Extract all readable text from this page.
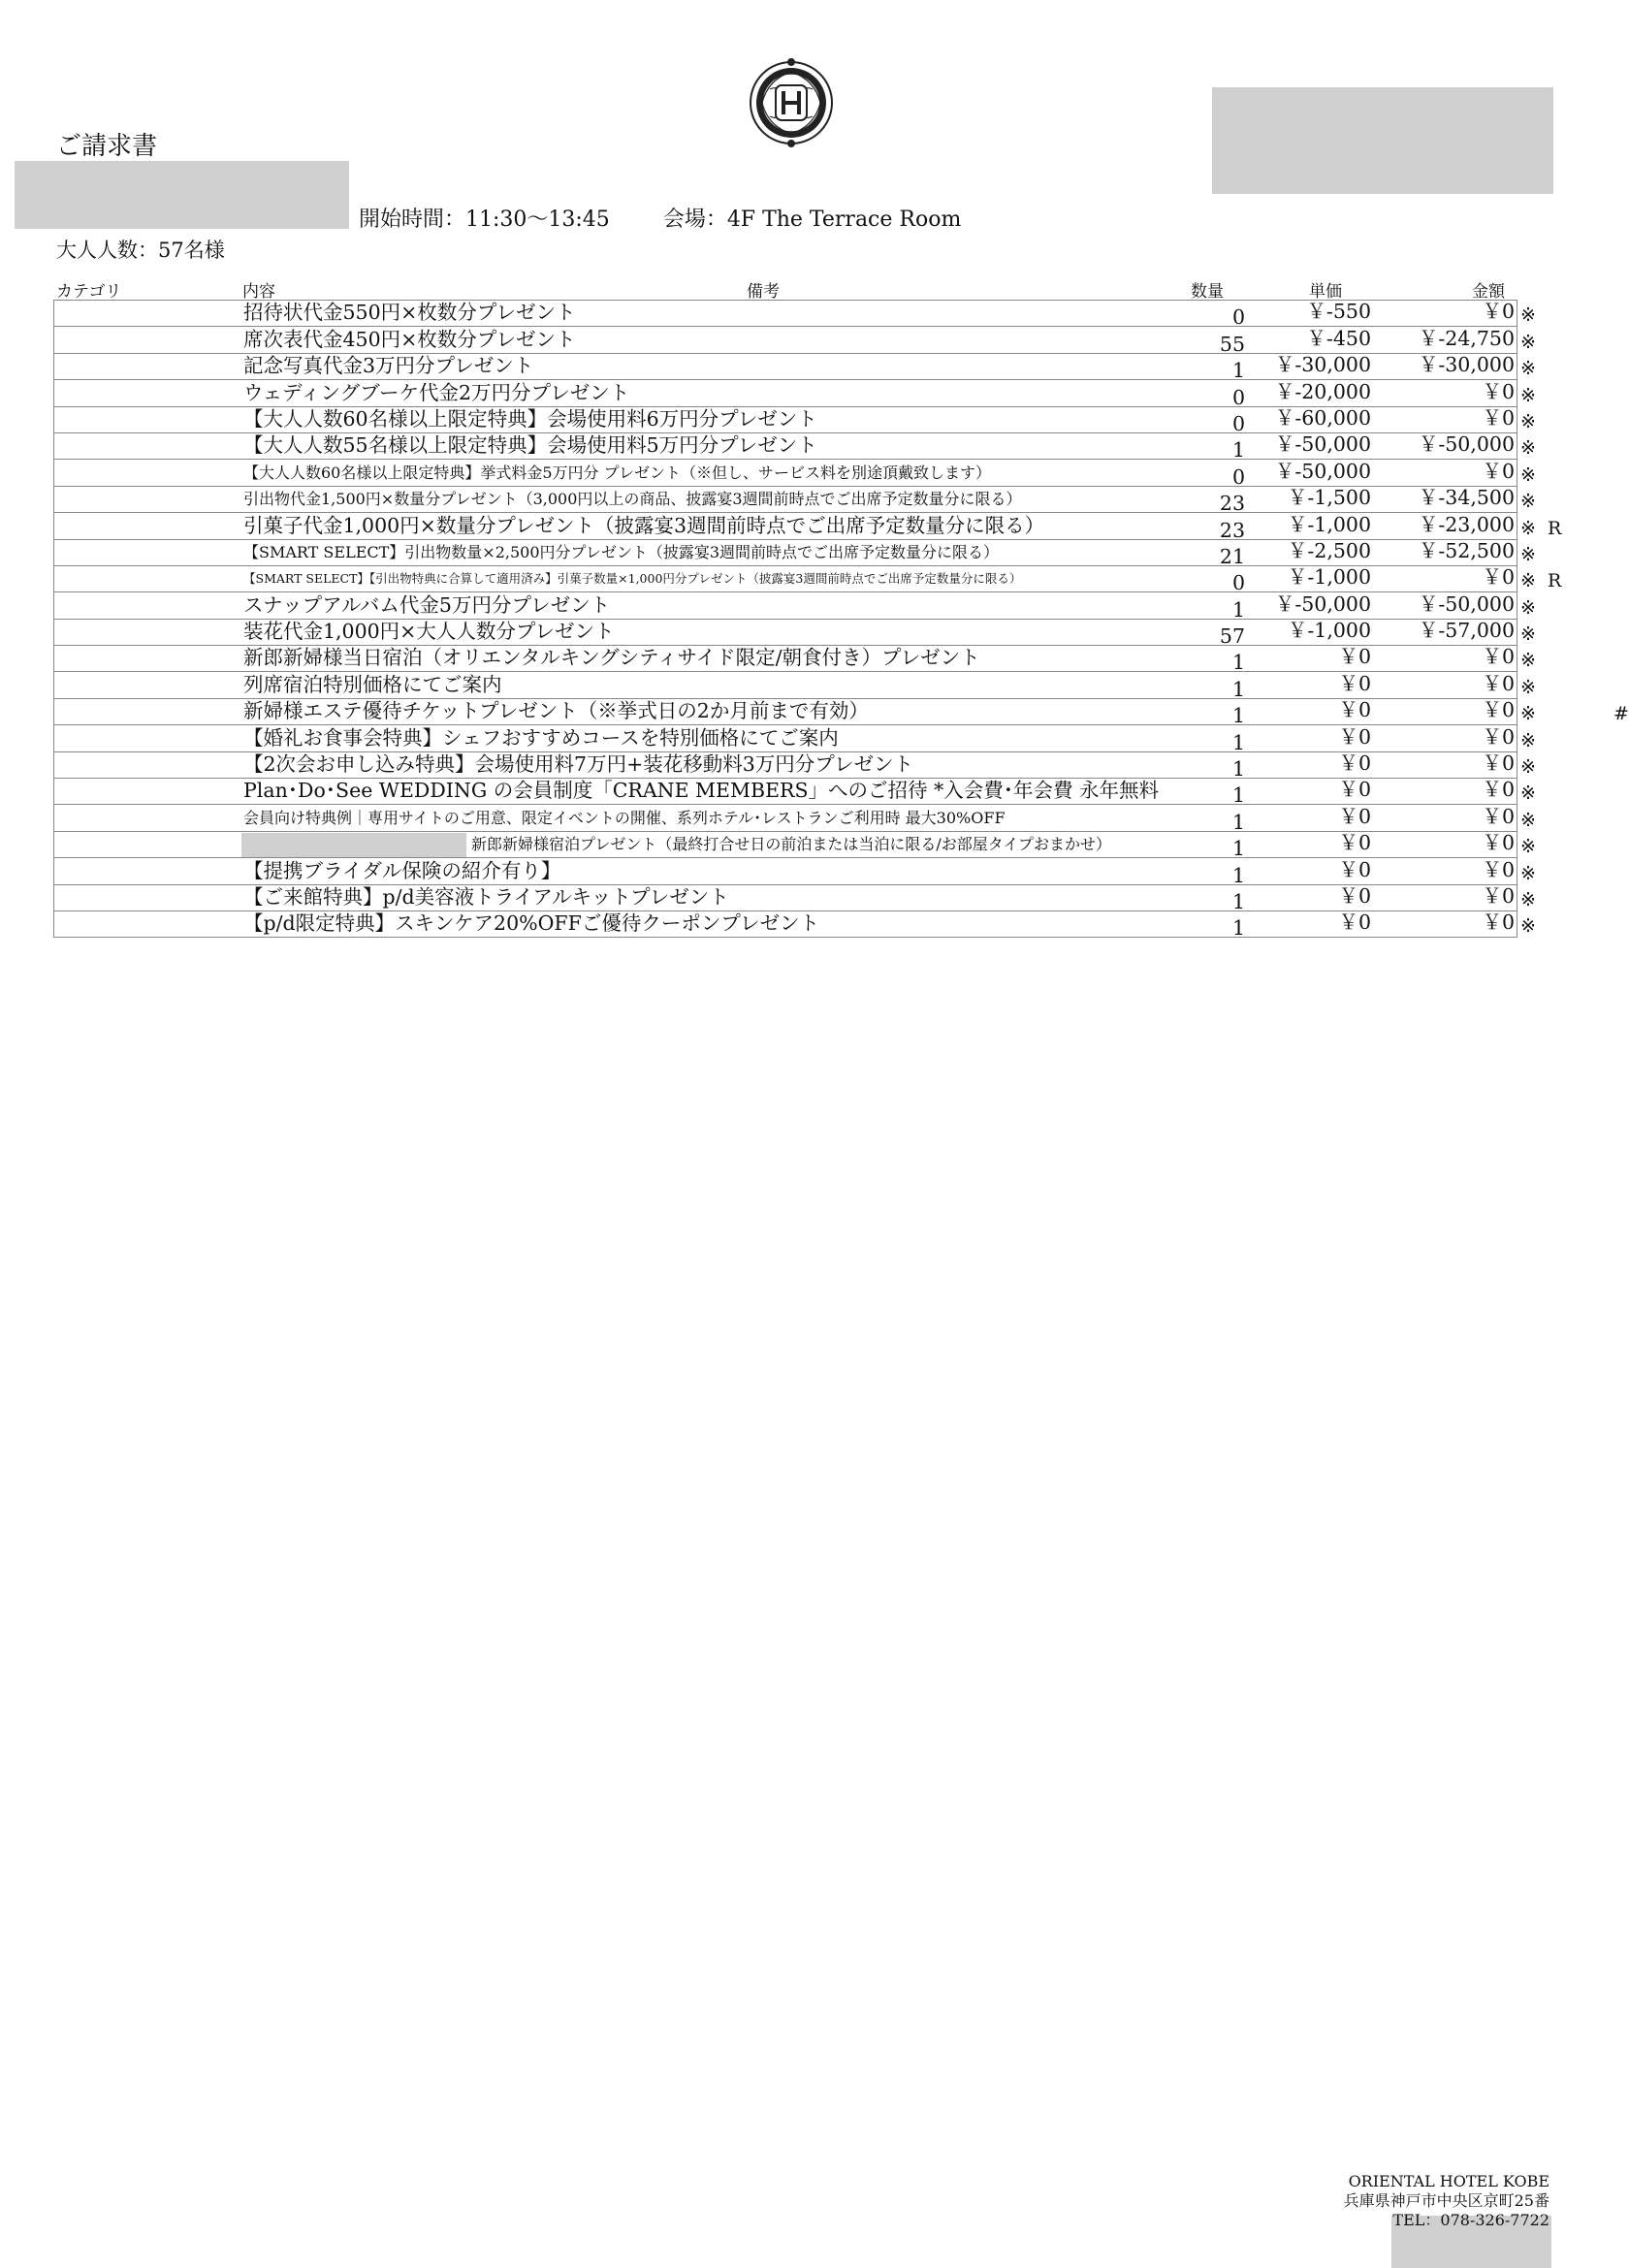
ご請求書
開始時間：11:30～13:45	会場：4F The Terrace Room
大人人数：57名様
カテゴリ	内容	備考	数量	単価	金額
招待状代金550円×枚数分プレゼント	0	￥-550	￥0 ※
席次表代金450円×枚数分プレゼント	55	￥-450 ￥-24,750 ※
記念写真代金3万円分プレゼント	1 ￥-30,000 ￥-30,000 ※
ウェディングブーケ代金2万円分プレゼント	0 ￥-20,000	￥0 ※
【大人人数60名様以上限定特典】会場使用料6万円分プレゼント	0 ￥-60,000	￥0 ※
【大人人数55名様以上限定特典】会場使用料5万円分プレゼント	1 ￥-50,000 ￥-50,000 ※
【大人人数60名様以上限定特典】挙式料金5万円分 プレゼント（※但し、サービス料を別途頂戴致します）	0 ￥-50,000	￥0 ※
引出物代金1,500円×数量分プレゼント（3,000円以上の商品、披露宴3週間前時点でご出席予定数量分に限る）	23 ￥-1,500 ￥-34,500 ※
引菓子代金1,000円×数量分プレゼント（披露宴3週間前時点でご出席予定数量分に限る）	23 ￥-1,000 ￥-23,000 ※ R
【SMART SELECT】引出物数量×2,500円分プレゼント（披露宴3週間前時点でご出席予定数量分に限る）	21 ￥-2,500 ￥-52,500 ※
【SMART SELECT】【引出物特典に合算して適用済み】引菓子数量×1,000円分プレゼント（披露宴3週間前時点でご出席予定数量分に限る）	0 ￥-1,000	￥0 ※ R
スナップアルバム代金5万円分プレゼント	1 ￥-50,000 ￥-50,000 ※
装花代金1,000円×大人人数分プレゼント	57 ￥-1,000 ￥-57,000 ※
新郎新婦様当日宿泊（オリエンタルキングシティサイド限定/朝食付き）プレゼント	1	￥0	￥0 ※
列席宿泊特別価格にてご案内	1	￥0	￥0 ※
新婦様エステ優待チケットプレゼント（※挙式日の2か月前まで有効）	1	￥0	￥0 ※	#
【婚礼お食事会特典】シェフおすすめコースを特別価格にてご案内	1	￥0	￥0 ※
【2次会お申し込み特典】会場使用料7万円+装花移動料3万円分プレゼント	1	￥0	￥0 ※
Plan･Do･See WEDDING の会員制度「CRANE MEMBERS」へのご招待 *入会費･年会費 永年無料	1	￥0	￥0 ※
会員向け特典例｜専用サイトのご用意、限定イベントの開催、系列ホテル･レストランご利用時 最大30%OFF	1	￥0	￥0 ※
新郎新婦様宿泊プレゼント（最終打合せ日の前泊または当泊に限る/お部屋タイプおまかせ）	1	￥0	￥0 ※
【提携ブライダル保険の紹介有り】	1	￥0	￥0 ※
【ご来館特典】p/d美容液トライアルキットプレゼント	1	￥0	￥0 ※
【p/d限定特典】スキンケア20%OFFご優待クーポンプレゼント	1	￥0	￥0 ※
ORIENTAL HOTEL KOBE
兵庫県神戸市中央区京町25番
TEL：078-326-7722
